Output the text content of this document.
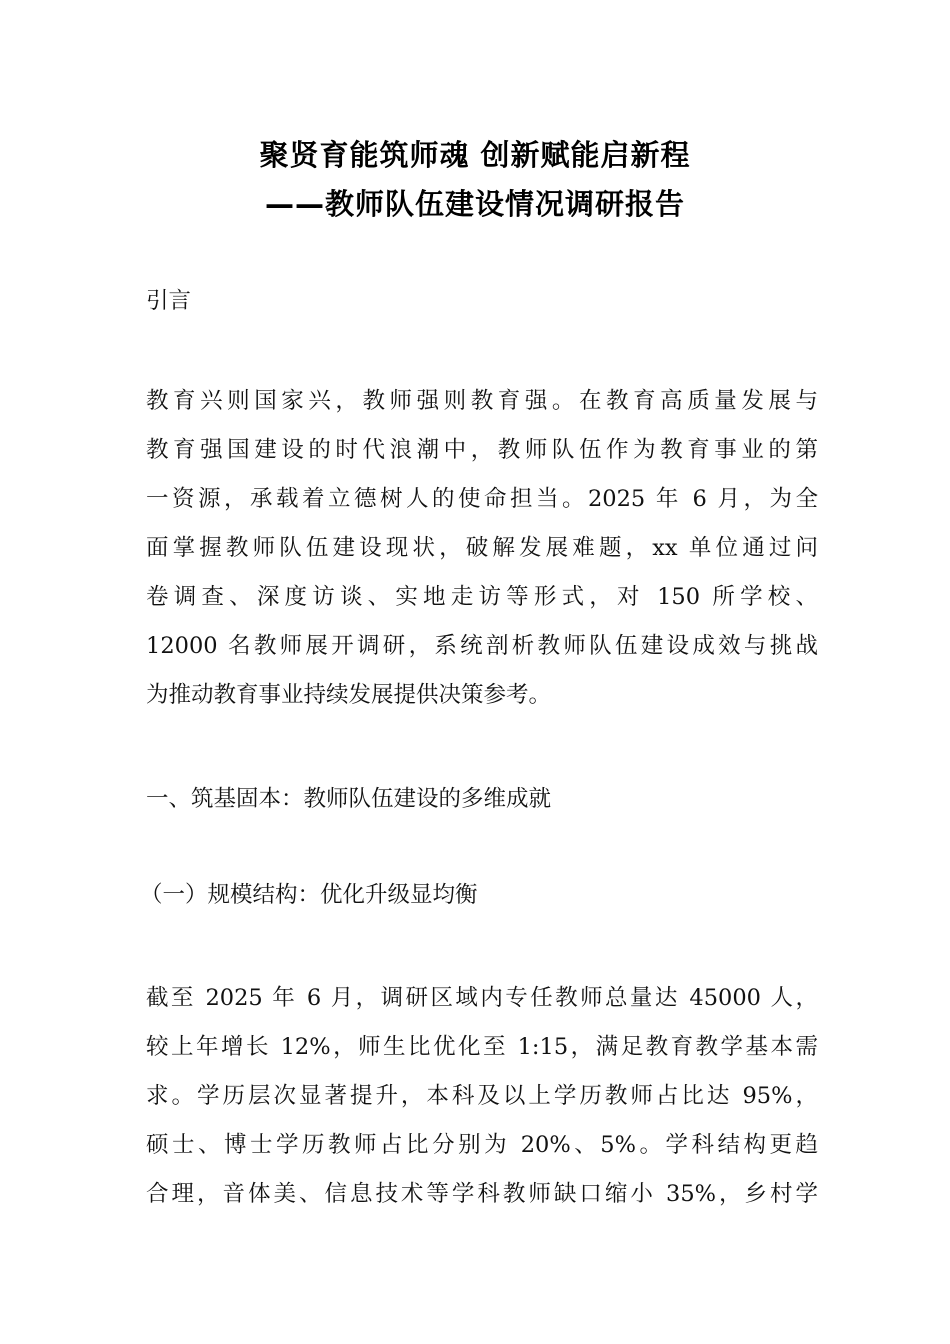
聚贤育能筑师魂 创新赋能启新程
——教师队伍建设情况调研报告
引言
教育兴则国家兴，教师强则教育强。在教育高质量发展与
教育强国建设的时代浪潮中，教师队伍作为教育事业的第
一资源，承载着立德树人的使命担当。2025 年 6 月，为全
面掌握教师队伍建设现状，破解发展难题，xx 单位通过问
卷调查、深度访谈、实地走访等形式，对 150 所学校、
12000 名教师展开调研，系统剖析教师队伍建设成效与挑战
为推动教育事业持续发展提供决策参考。
一、筑基固本：教师队伍建设的多维成就
（一）规模结构：优化升级显均衡
截至 2025 年 6 月，调研区域内专任教师总量达 45000 人，
较上年增长 12%，师生比优化至 1:15，满足教育教学基本需
求。学历层次显著提升，本科及以上学历教师占比达 95%，
硕士、博士学历教师占比分别为 20%、5%。学科结构更趋
合理，音体美、信息技术等学科教师缺口缩小 35%，乡村学
